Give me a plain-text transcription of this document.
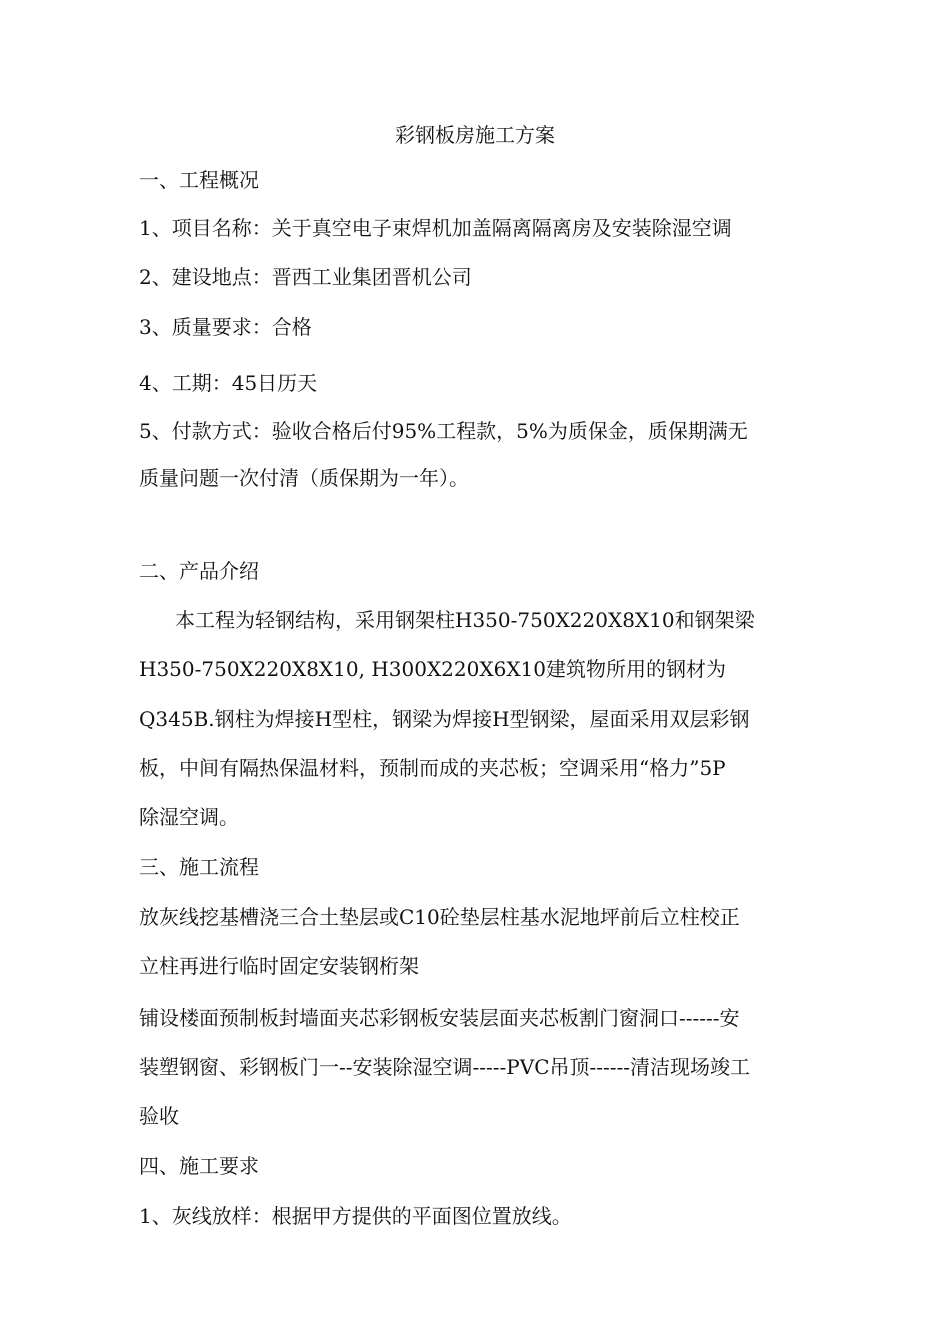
彩钢板房施工方案
一、工程概况
1、项目名称：关于真空电子束焊机加盖隔离隔离房及安装除湿空调
2、建设地点：晋西工业集团晋机公司
3、质量要求：合格
4、工期：45日历天
5、付款方式：验收合格后付95%工程款，5%为质保金，质保期满无
质量问题一次付清（质保期为一年）。
二、产品介绍
本工程为轻钢结构，采用钢架柱H350-750X220X8X10和钢架梁
H350-750X220X8X10, H300X220X6X10建筑物所用的钢材为
Q345B.钢柱为焊接H型柱，钢梁为焊接H型钢梁，屋面采用双层彩钢
板，中间有隔热保温材料，预制而成的夹芯板；空调采用“格力”5P
除湿空调。
三、施工流程
放灰线挖基槽浇三合土垫层或C10砼垫层柱基水泥地坪前后立柱校正
立柱再进行临时固定安装钢桁架
铺设楼面预制板封墙面夹芯彩钢板安装层面夹芯板割门窗洞口------安
装塑钢窗、彩钢板门一--安装除湿空调-----PVC吊顶------清洁现场竣工
验收
四、施工要求
1、灰线放样：根据甲方提供的平面图位置放线。
